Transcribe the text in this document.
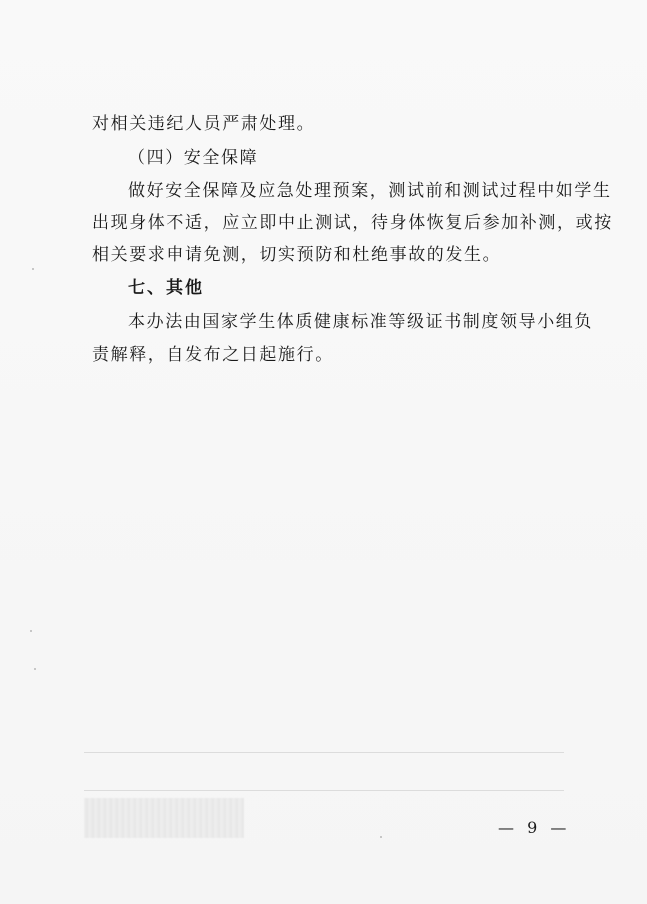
对相关违纪人员严肃处理。
（四）安全保障
做好安全保障及应急处理预案，测试前和测试过程中如学生
出现身体不适，应立即中止测试，待身体恢复后参加补测，或按
相关要求申请免测，切实预防和杜绝事故的发生。
七、其他
本办法由国家学生体质健康标准等级证书制度领导小组负
责解释，自发布之日起施行。
— 9 —
